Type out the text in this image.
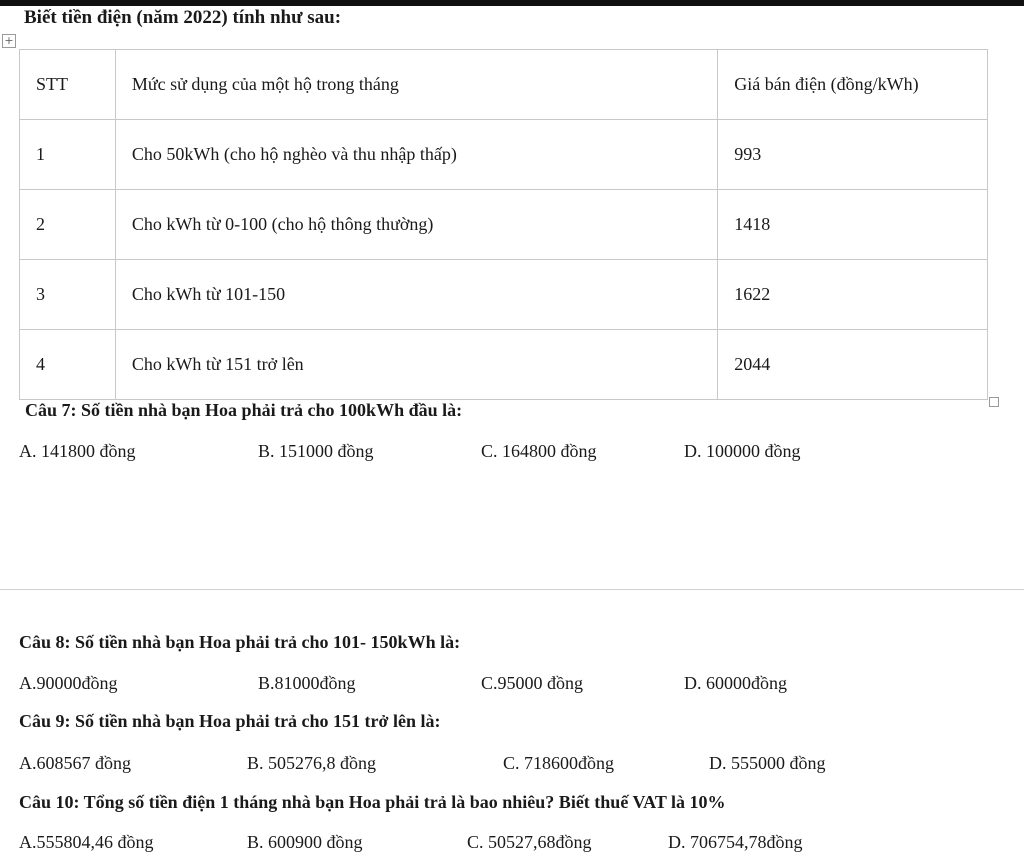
Biết tiền điện (năm 2022) tính như sau:
+
STT	Mức sử dụng của một hộ trong tháng	Giá bán điện (đồng/kWh)
1	Cho 50kWh (cho hộ nghèo và thu nhập thấp)	993
2	Cho kWh từ 0-100 (cho hộ thông thường)	1418
3	Cho kWh từ 101-150	1622
4	Cho kWh từ 151 trở lên	2044
Câu 7: Số tiền nhà bạn Hoa phải trả cho 100kWh đầu là:
A. 141800 đồng	B. 151000 đồng	C. 164800 đồng	D. 100000 đồng
Câu 8: Số tiền nhà bạn Hoa phải trả cho 101- 150kWh là:
A.90000đồng	B.81000đồng	C.95000 đồng	D. 60000đồng
Câu 9: Số tiền nhà bạn Hoa phải trả cho 151 trở lên là:
A.608567 đồng	B. 505276,8 đồng	C. 718600đồng	D. 555000 đồng
Câu 10: Tổng số tiền điện 1 tháng nhà bạn Hoa phải trả là bao nhiêu? Biết thuế VAT là 10%
A.555804,46 đồng	B. 600900 đồng	C. 50527,68đồng	D. 706754,78đồng
